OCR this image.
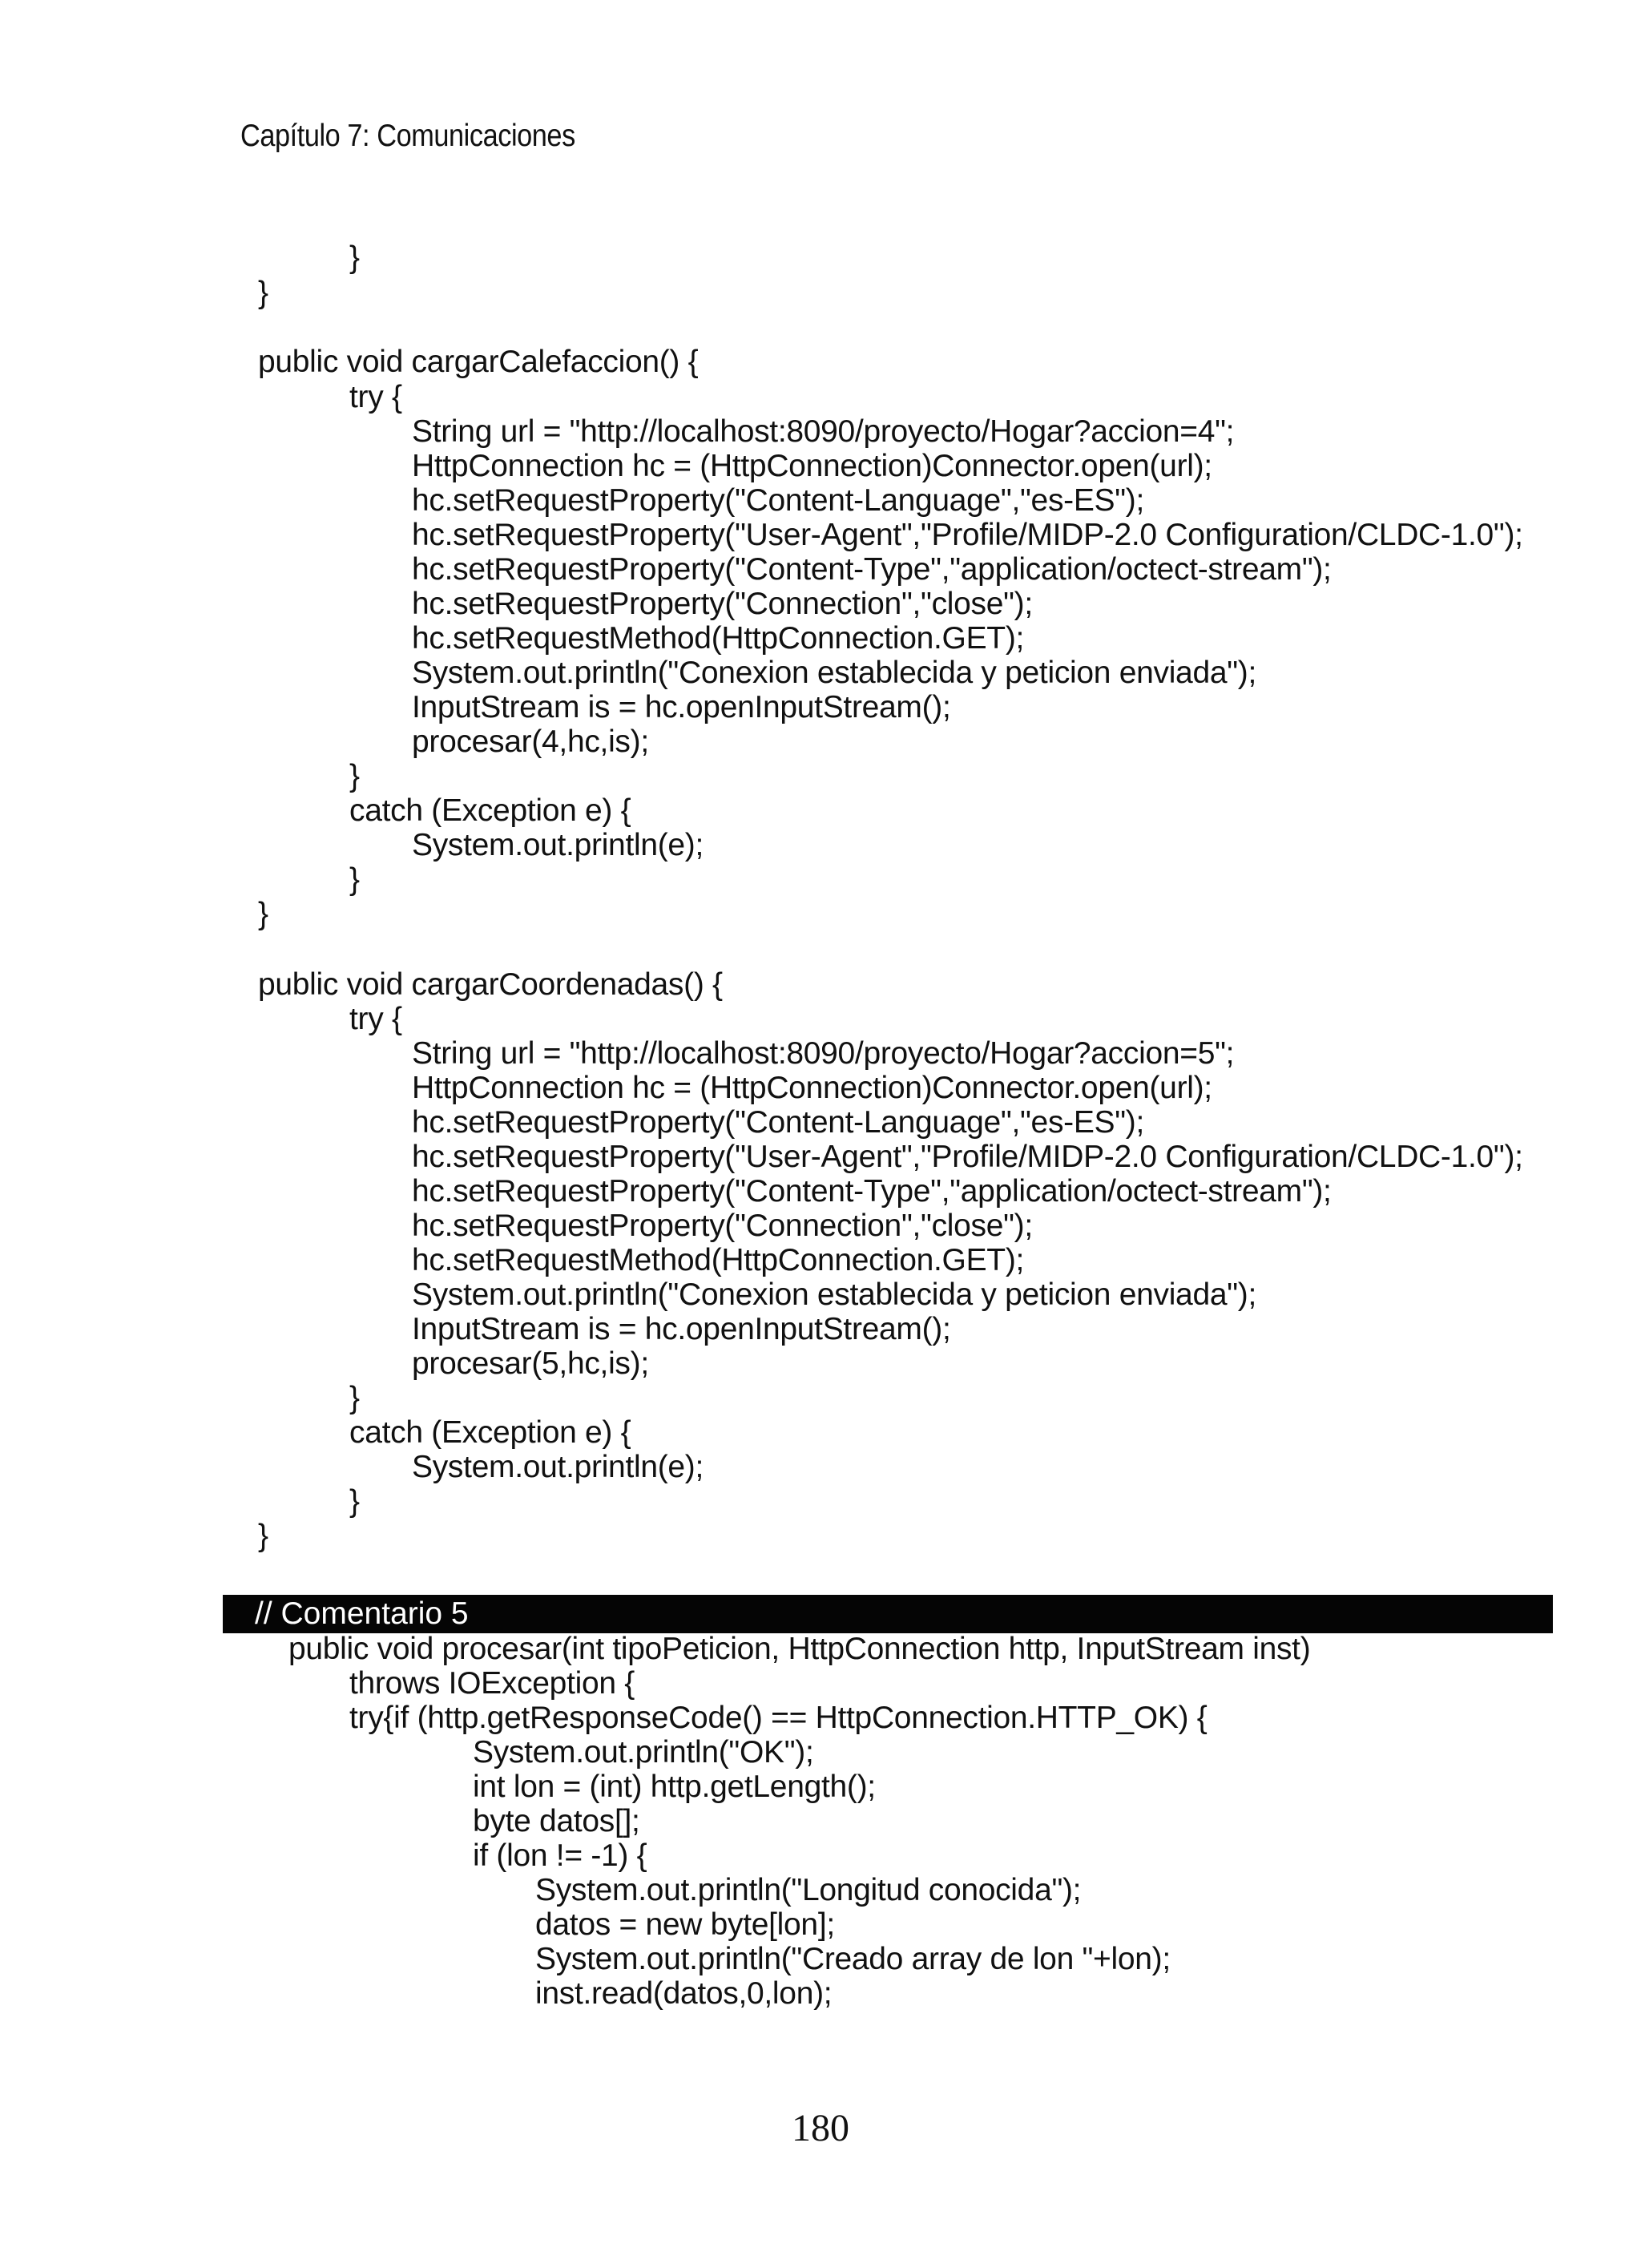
Capítulo 7: Comunicaciones
}
}
public void cargarCalefaccion() {
try {
String url = "http://localhost:8090/proyecto/Hogar?accion=4";
HttpConnection hc = (HttpConnection)Connector.open(url);
hc.setRequestProperty("Content-Language","es-ES");
hc.setRequestProperty("User-Agent","Profile/MIDP-2.0 Configuration/CLDC-1.0");
hc.setRequestProperty("Content-Type","application/octect-stream");
hc.setRequestProperty("Connection","close");
hc.setRequestMethod(HttpConnection.GET);
System.out.println("Conexion establecida y peticion enviada");
InputStream is = hc.openInputStream();
procesar(4,hc,is);
}
catch (Exception e) {
System.out.println(e);
}
}
public void cargarCoordenadas() {
try {
String url = "http://localhost:8090/proyecto/Hogar?accion=5";
HttpConnection hc = (HttpConnection)Connector.open(url);
hc.setRequestProperty("Content-Language","es-ES");
hc.setRequestProperty("User-Agent","Profile/MIDP-2.0 Configuration/CLDC-1.0");
hc.setRequestProperty("Content-Type","application/octect-stream");
hc.setRequestProperty("Connection","close");
hc.setRequestMethod(HttpConnection.GET);
System.out.println("Conexion establecida y peticion enviada");
InputStream is = hc.openInputStream();
procesar(5,hc,is);
}
catch (Exception e) {
System.out.println(e);
}
}
// Comentario 5
public void procesar(int tipoPeticion, HttpConnection http, InputStream inst)
throws IOException {
try{if (http.getResponseCode() == HttpConnection.HTTP_OK) {
System.out.println("OK");
int lon = (int) http.getLength();
byte datos[];
if (lon != -1) {
System.out.println("Longitud conocida");
datos = new byte[lon];
System.out.println("Creado array de lon "+lon);
inst.read(datos,0,lon);
180
